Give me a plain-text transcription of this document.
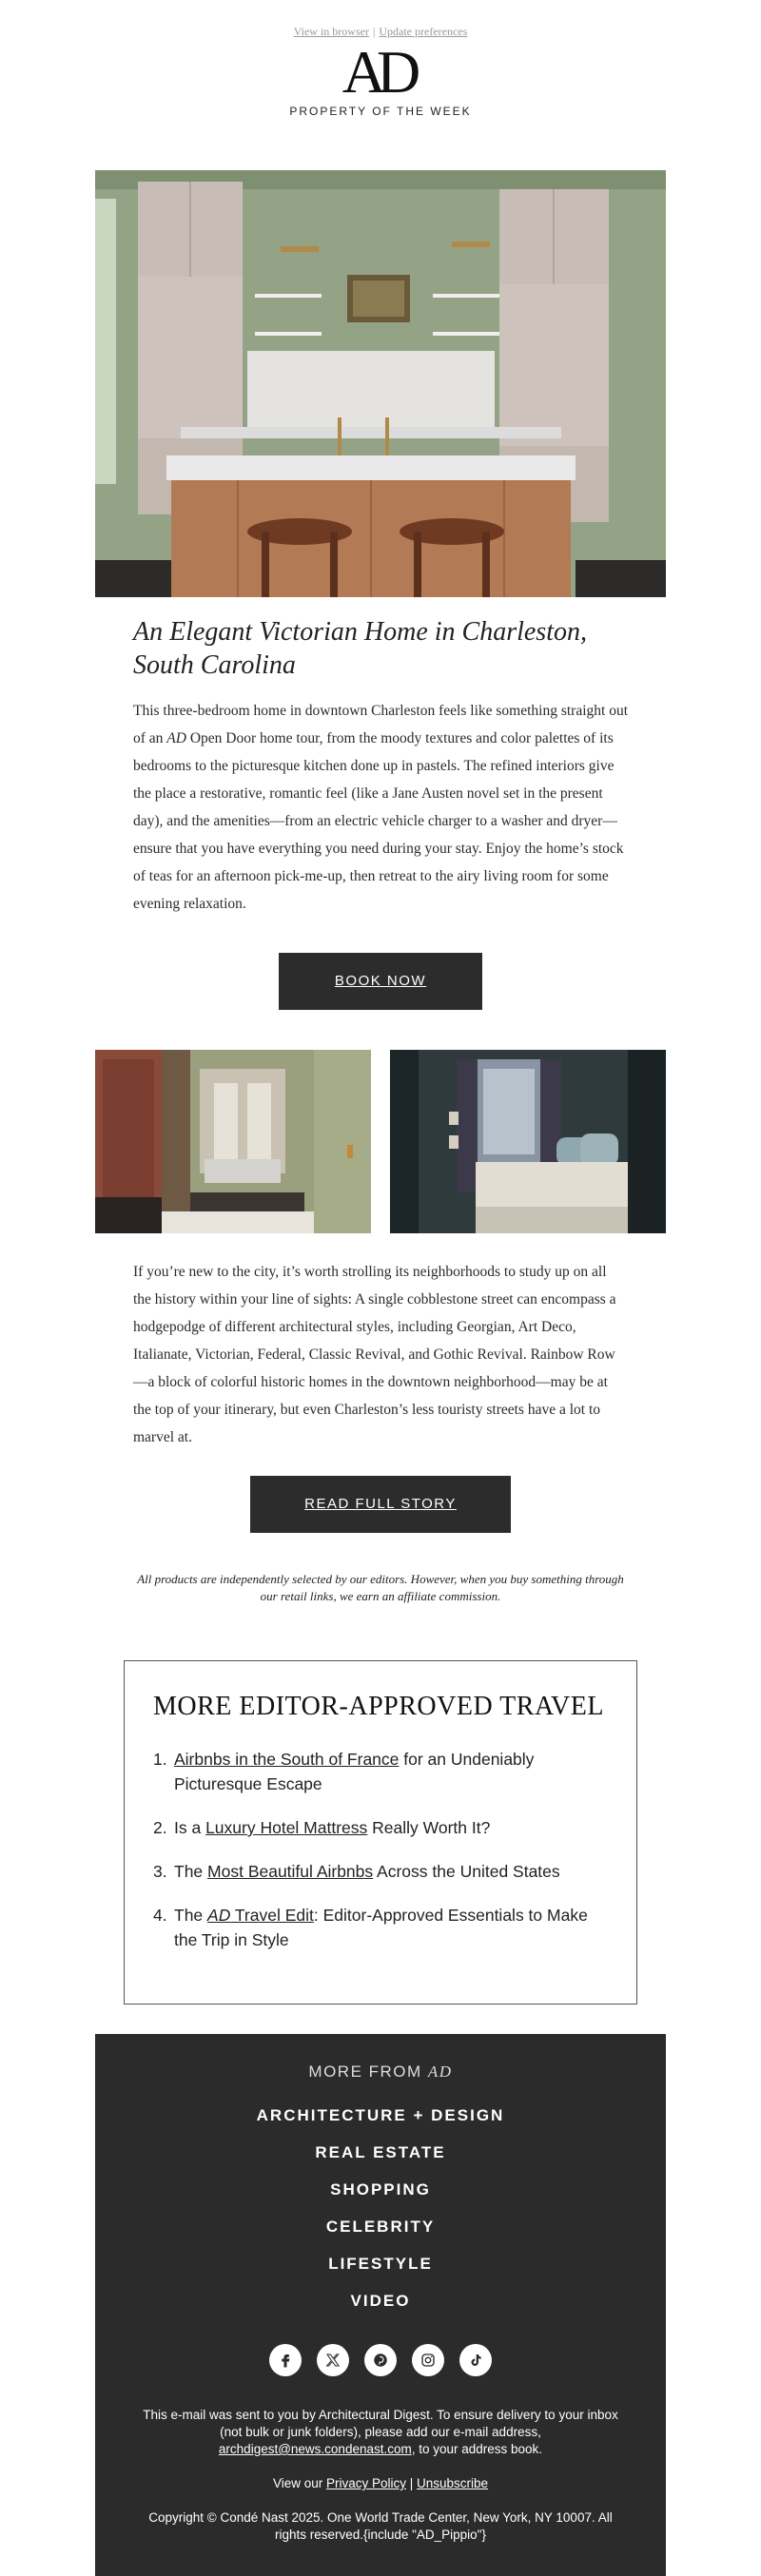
View in browser | Update preferences
AD
PROPERTY OF THE WEEK
An Elegant Victorian Home in Charleston, South Carolina

This three-bedroom home in downtown Charleston feels like something straight out of an AD Open Door home tour, from the moody textures and color palettes of its bedrooms to the picturesque kitchen done up in pastels. The refined interiors give the place a restorative, romantic feel (like a Jane Austen novel set in the present day), and the amenities—from an electric vehicle charger to a washer and dryer—ensure that you have everything you need during your stay. Enjoy the home’s stock of teas for an afternoon pick-me-up, then retreat to the airy living room for some evening relaxation.

BOOK NOW

If you’re new to the city, it’s worth strolling its neighborhoods to study up on all the history within your line of sights: A single cobblestone street can encompass a hodgepodge of different architectural styles, including Georgian, Art Deco, Italianate, Victorian, Federal, Classic Revival, and Gothic Revival. Rainbow Row—a block of colorful historic homes in the downtown neighborhood—may be at the top of your itinerary, but even Charleston’s less touristy streets have a lot to marvel at.

READ FULL STORY

All products are independently selected by our editors. However, when you buy something through our retail links, we earn an affiliate commission.

MORE EDITOR-APPROVED TRAVEL
1. Airbnbs in the South of France for an Undeniably Picturesque Escape
2. Is a Luxury Hotel Mattress Really Worth It?
3. The Most Beautiful Airbnbs Across the United States
4. The AD Travel Edit: Editor-Approved Essentials to Make the Trip in Style
MORE FROM AD
ARCHITECTURE + DESIGN
REAL ESTATE
SHOPPING
CELEBRITY
LIFESTYLE
VIDEO

This e-mail was sent to you by Architectural Digest. To ensure delivery to your inbox (not bulk or junk folders), please add our e-mail address, archdigest@news.condenast.com, to your address book.

View our Privacy Policy | Unsubscribe

Copyright © Condé Nast 2025. One World Trade Center, New York, NY 10007. All rights reserved.{include "AD_Pippio"}
